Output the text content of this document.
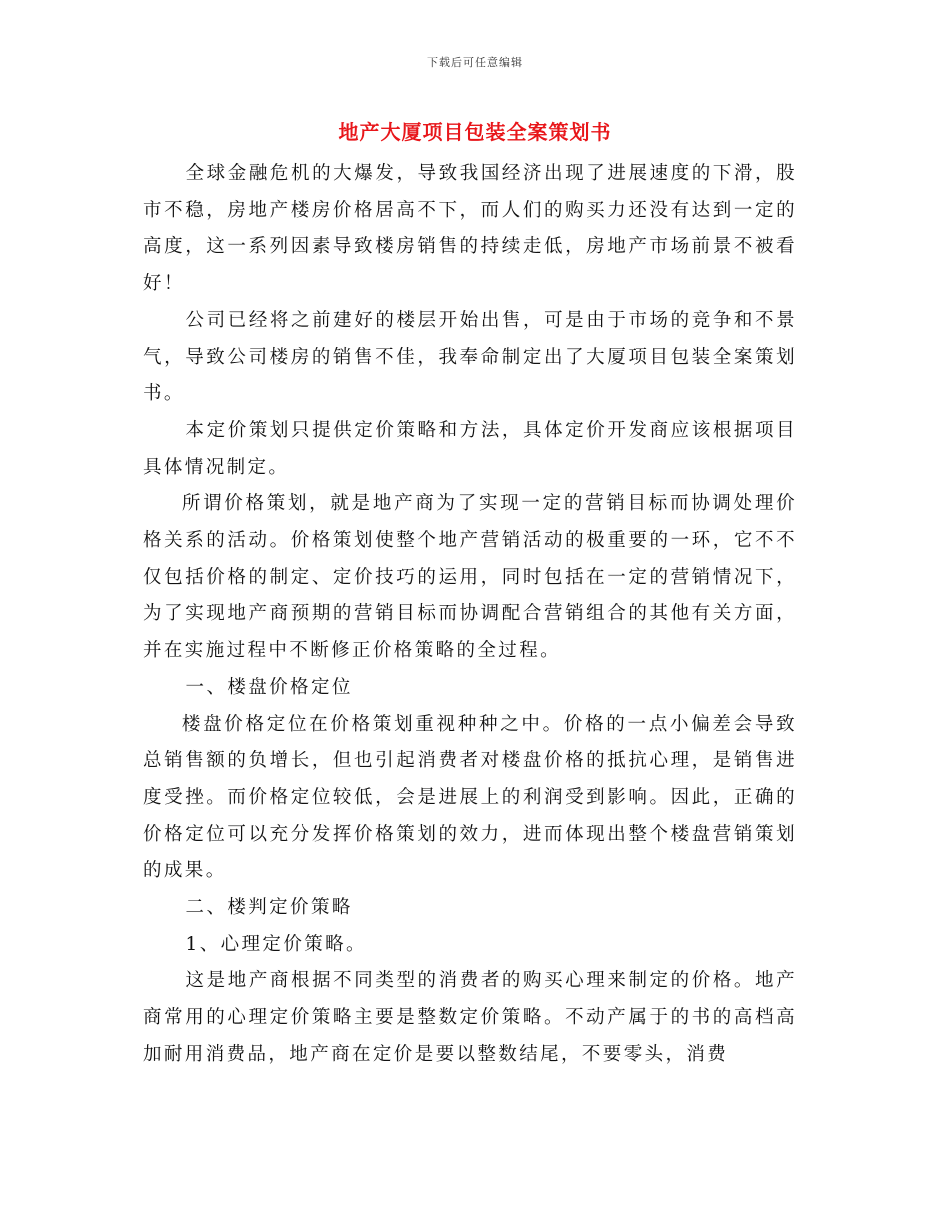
下载后可任意编辑
地产大厦项目包装全案策划书

全球金融危机的大爆发，导致我国经济出现了进展速度的下滑，股市不稳，房地产楼房价格居高不下，而人们的购买力还没有达到一定的高度，这一系列因素导致楼房销售的持续走低，房地产市场前景不被看好！

公司已经将之前建好的楼层开始出售，可是由于市场的竞争和不景气，导致公司楼房的销售不佳，我奉命制定出了大厦项目包装全案策划书。

本定价策划只提供定价策略和方法，具体定价开发商应该根据项目具体情况制定。

所谓价格策划，就是地产商为了实现一定的营销目标而协调处理价格关系的活动。价格策划使整个地产营销活动的极重要的一环，它不不仅包括价格的制定、定价技巧的运用，同时包括在一定的营销情况下，为了实现地产商预期的营销目标而协调配合营销组合的其他有关方面，并在实施过程中不断修正价格策略的全过程。

一、楼盘价格定位

楼盘价格定位在价格策划重视种种之中。价格的一点小偏差会导致总销售额的负增长，但也引起消费者对楼盘价格的抵抗心理，是销售进度受挫。而价格定位较低，会是进展上的利润受到影响。因此，正确的价格定位可以充分发挥价格策划的效力，进而体现出整个楼盘营销策划的成果。

二、楼判定价策略

1、心理定价策略。

这是地产商根据不同类型的消费者的购买心理来制定的价格。地产商常用的心理定价策略主要是整数定价策略。不动产属于的书的高档高加耐用消费品，地产商在定价是要以整数结尾，不要零头，消费
